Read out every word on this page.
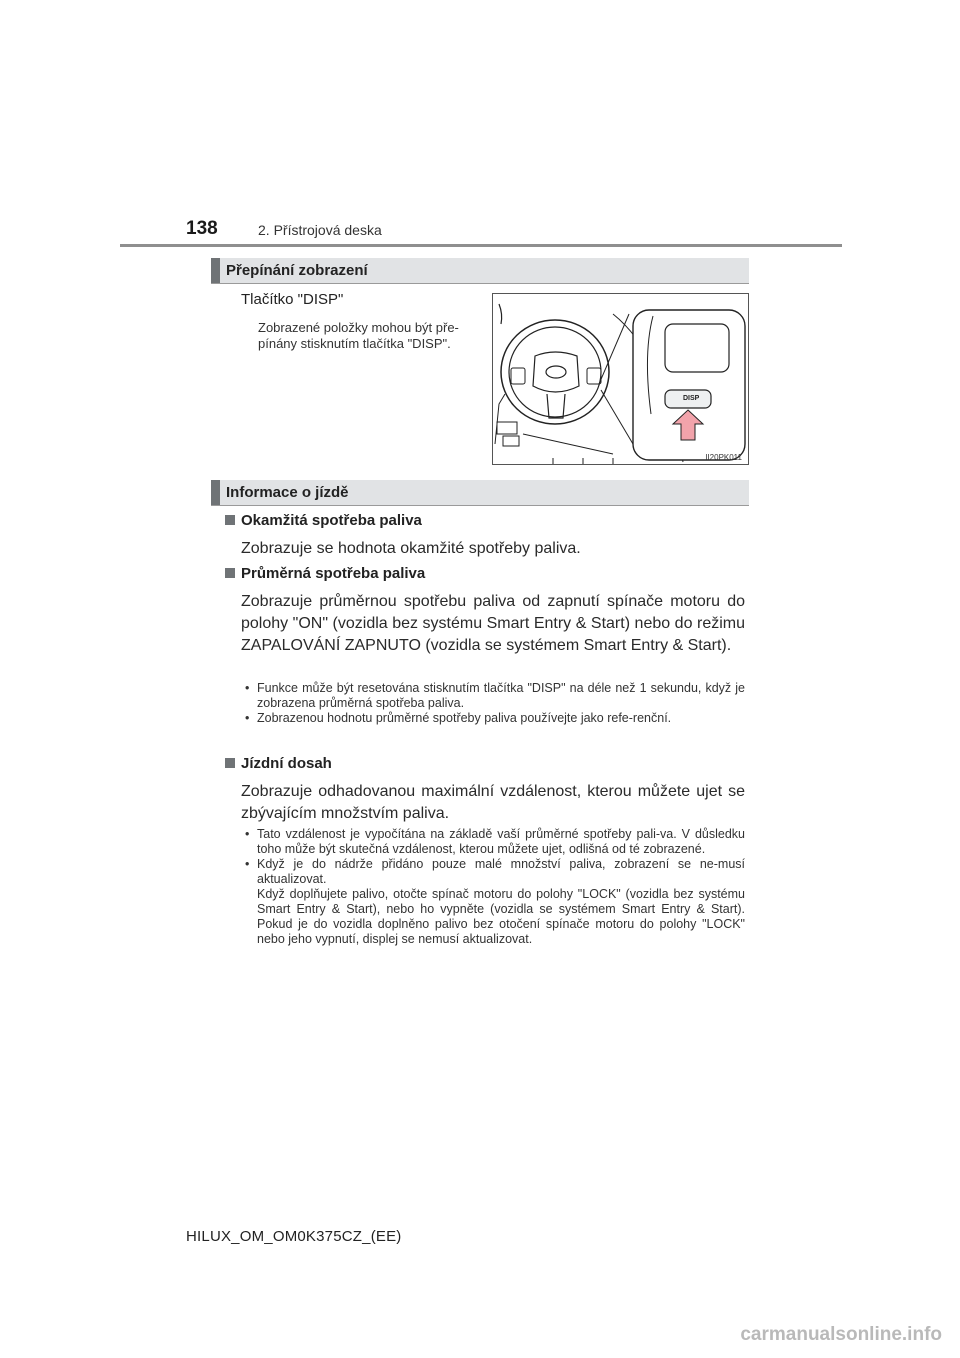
138	2. Přístrojová deska
Přepínání zobrazení
Tlačítko "DISP"
Zobrazené položky mohou být pře-pínány stisknutím tlačítka "DISP".
DISP
II20PK011
Informace o jízdě
Okamžitá spotřeba paliva
Zobrazuje se hodnota okamžité spotřeby paliva.
Průměrná spotřeba paliva
Zobrazuje průměrnou spotřebu paliva od zapnutí spínače motoru do polohy "ON" (vozidla bez systému Smart Entry & Start) nebo do režimu ZAPALOVÁNÍ ZAPNUTO (vozidla se systémem Smart Entry & Start).
• Funkce může být resetována stisknutím tlačítka "DISP" na déle než 1 sekundu, když je zobrazena průměrná spotřeba paliva.
• Zobrazenou hodnotu průměrné spotřeby paliva používejte jako refe-renční.
Jízdní dosah
Zobrazuje odhadovanou maximální vzdálenost, kterou můžete ujet se zbývajícím množstvím paliva.
• Tato vzdálenost je vypočítána na základě vaší průměrné spotřeby pali-va. V důsledku toho může být skutečná vzdálenost, kterou můžete ujet, odlišná od té zobrazené.
• Když je do nádrže přidáno pouze malé množství paliva, zobrazení se ne-musí aktualizovat.
Když doplňujete palivo, otočte spínač motoru do polohy "LOCK" (vozidla bez systému Smart Entry & Start), nebo ho vypněte (vozidla se systémem Smart Entry & Start). Pokud je do vozidla doplněno palivo bez otočení spínače motoru do polohy "LOCK" nebo jeho vypnutí, displej se nemusí aktualizovat.
HILUX_OM_OM0K375CZ_(EE)
carmanualsonline.info
